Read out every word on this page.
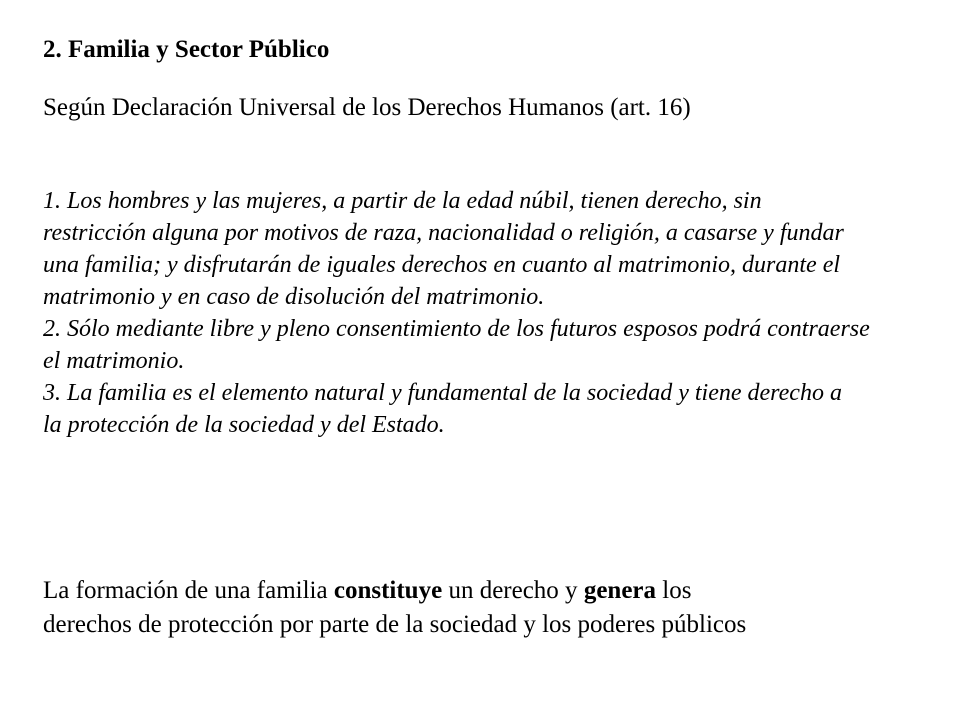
2. Familia y Sector Público
Según Declaración Universal de los Derechos Humanos (art. 16)
1. Los hombres y las mujeres, a partir de la edad núbil, tienen derecho, sin
restricción alguna por motivos de raza, nacionalidad o religión, a casarse y fundar
una familia; y disfrutarán de iguales derechos en cuanto al matrimonio, durante el
matrimonio y en caso de disolución del matrimonio.
2. Sólo mediante libre y pleno consentimiento de los futuros esposos podrá contraerse
el matrimonio.
3. La familia es el elemento natural y fundamental de la sociedad y tiene derecho a
la protección de la sociedad y del Estado.
La formación de una familia constituye un derecho y genera los
derechos de protección por parte de la sociedad y los poderes públicos
